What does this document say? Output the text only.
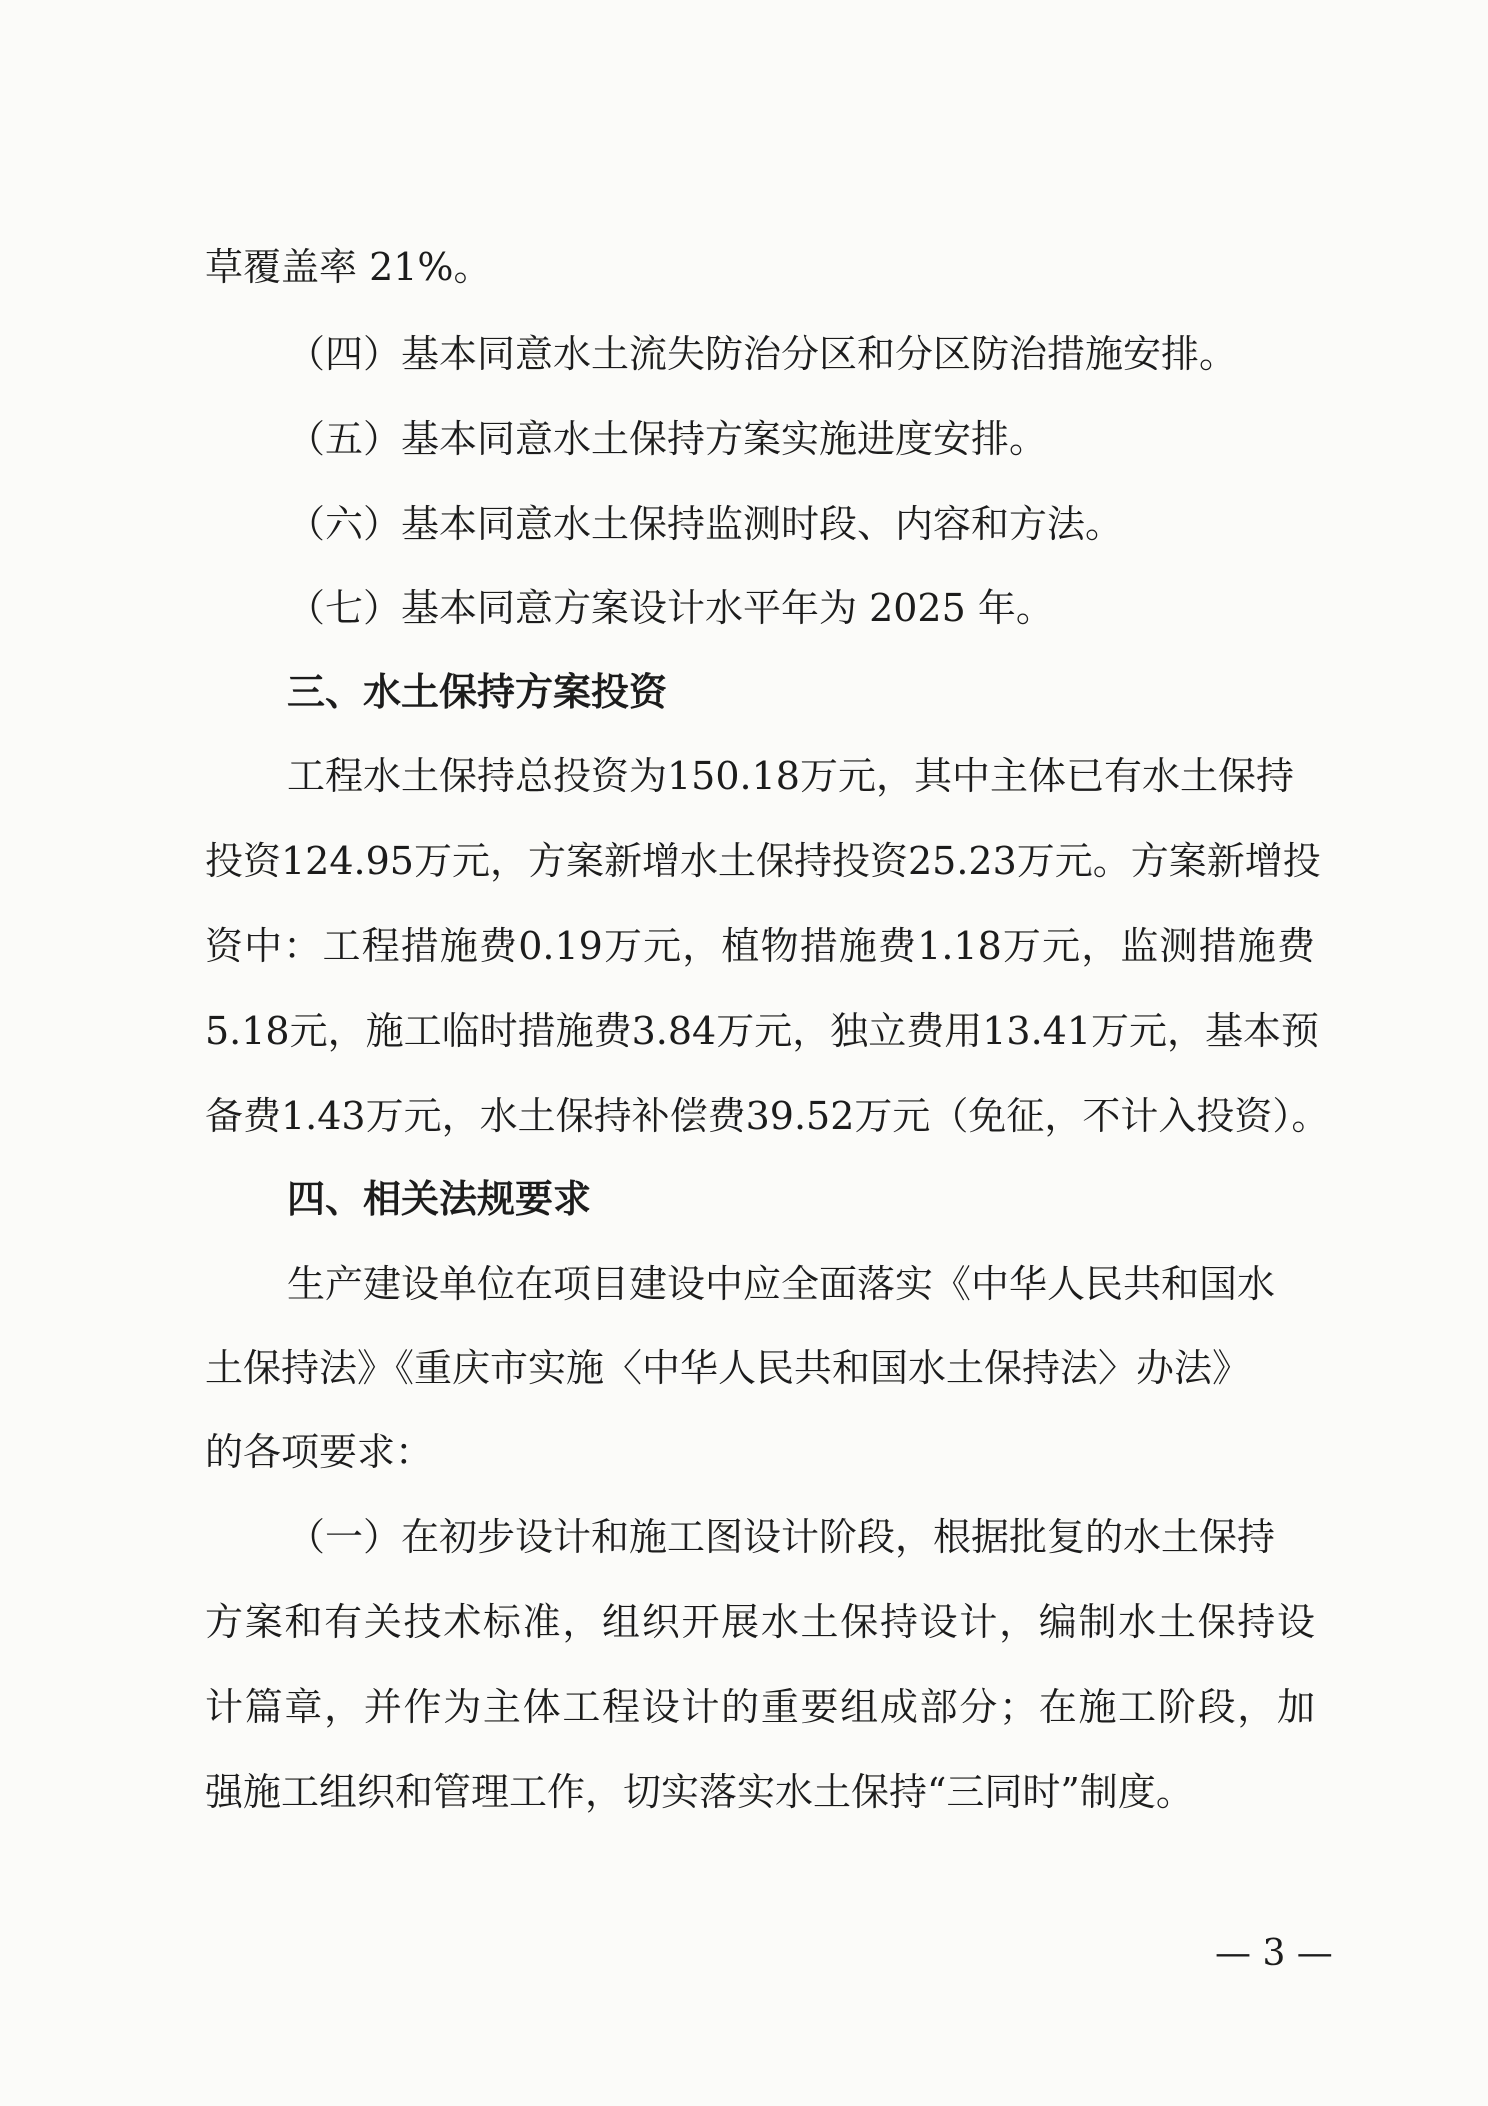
草覆盖率 21%。
（四）基本同意水土流失防治分区和分区防治措施安排。
（五）基本同意水土保持方案实施进度安排。
（六）基本同意水土保持监测时段、内容和方法。
（七）基本同意方案设计水平年为 2025 年。
三、水土保持方案投资
工程水土保持总投资为150.18万元，其中主体已有水土保持
投资124.95万元，方案新增水土保持投资25.23万元。方案新增投
资中：工程措施费0.19万元，植物措施费1.18万元，监测措施费
5.18元，施工临时措施费3.84万元，独立费用13.41万元，基本预
备费1.43万元，水土保持补偿费39.52万元（免征，不计入投资）。
四、相关法规要求
生产建设单位在项目建设中应全面落实《中华人民共和国水
土保持法》《重庆市实施〈中华人民共和国水土保持法〉办法》
的各项要求：
（一）在初步设计和施工图设计阶段，根据批复的水土保持
方案和有关技术标准，组织开展水土保持设计，编制水土保持设
计篇章，并作为主体工程设计的重要组成部分；在施工阶段，加
强施工组织和管理工作，切实落实水土保持“三同时”制度。
— 3 —
